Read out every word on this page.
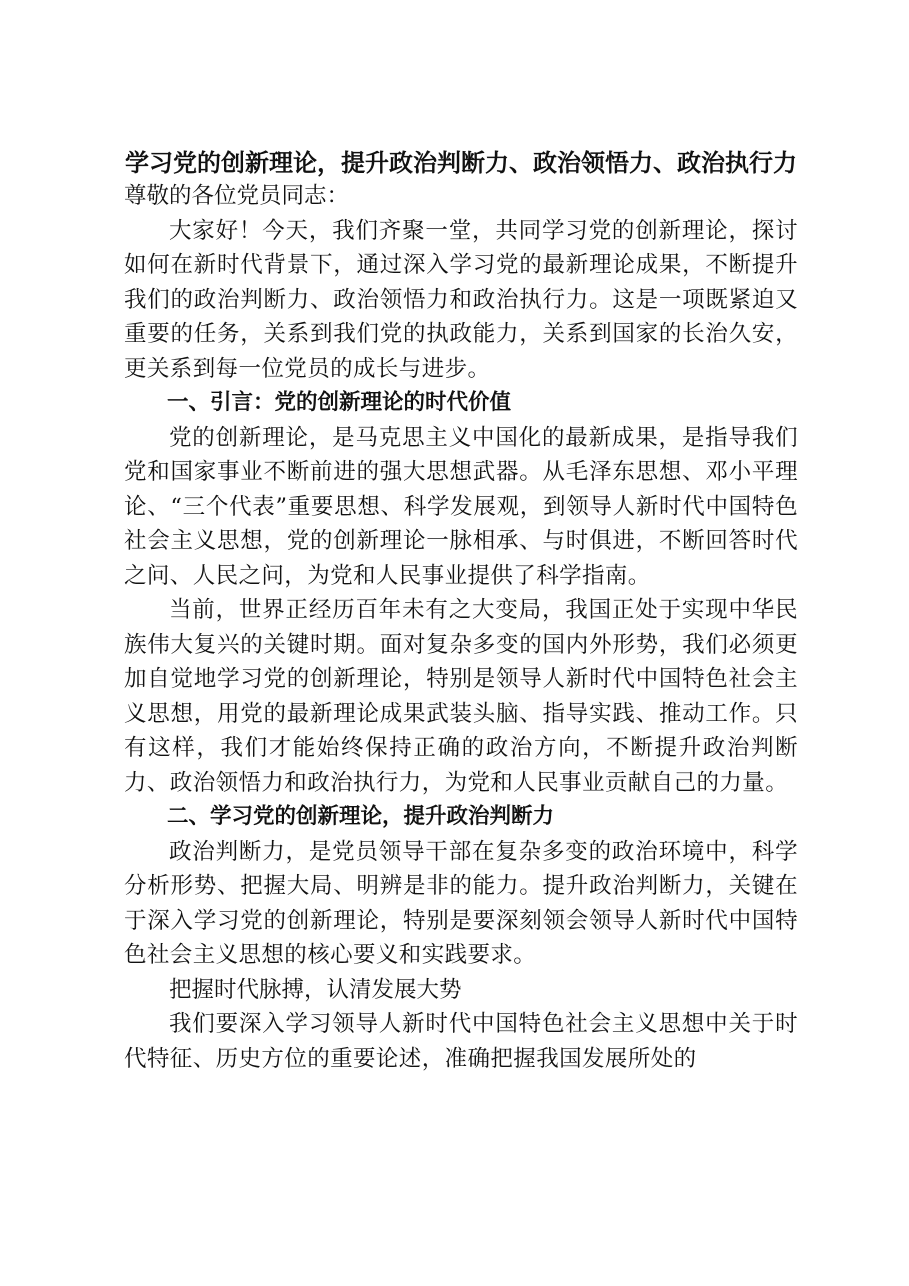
学习党的创新理论，提升政治判断力、政治领悟力、政治执行力

尊敬的各位党员同志：

大家好！今天，我们齐聚一堂，共同学习党的创新理论，探讨如何在新时代背景下，通过深入学习党的最新理论成果，不断提升我们的政治判断力、政治领悟力和政治执行力。这是一项既紧迫又重要的任务，关系到我们党的执政能力，关系到国家的长治久安，更关系到每一位党员的成长与进步。

一、引言：党的创新理论的时代价值

党的创新理论，是马克思主义中国化的最新成果，是指导我们党和国家事业不断前进的强大思想武器。从毛泽东思想、邓小平理论、“三个代表”重要思想、科学发展观，到领导人新时代中国特色社会主义思想，党的创新理论一脉相承、与时俱进，不断回答时代之问、人民之问，为党和人民事业提供了科学指南。

当前，世界正经历百年未有之大变局，我国正处于实现中华民族伟大复兴的关键时期。面对复杂多变的国内外形势，我们必须更加自觉地学习党的创新理论，特别是领导人新时代中国特色社会主义思想，用党的最新理论成果武装头脑、指导实践、推动工作。只有这样，我们才能始终保持正确的政治方向，不断提升政治判断力、政治领悟力和政治执行力，为党和人民事业贡献自己的力量。

二、学习党的创新理论，提升政治判断力

政治判断力，是党员领导干部在复杂多变的政治环境中，科学分析形势、把握大局、明辨是非的能力。提升政治判断力，关键在于深入学习党的创新理论，特别是要深刻领会领导人新时代中国特色社会主义思想的核心要义和实践要求。

把握时代脉搏，认清发展大势

我们要深入学习领导人新时代中国特色社会主义思想中关于时代特征、历史方位的重要论述，准确把握我国发展所处的
